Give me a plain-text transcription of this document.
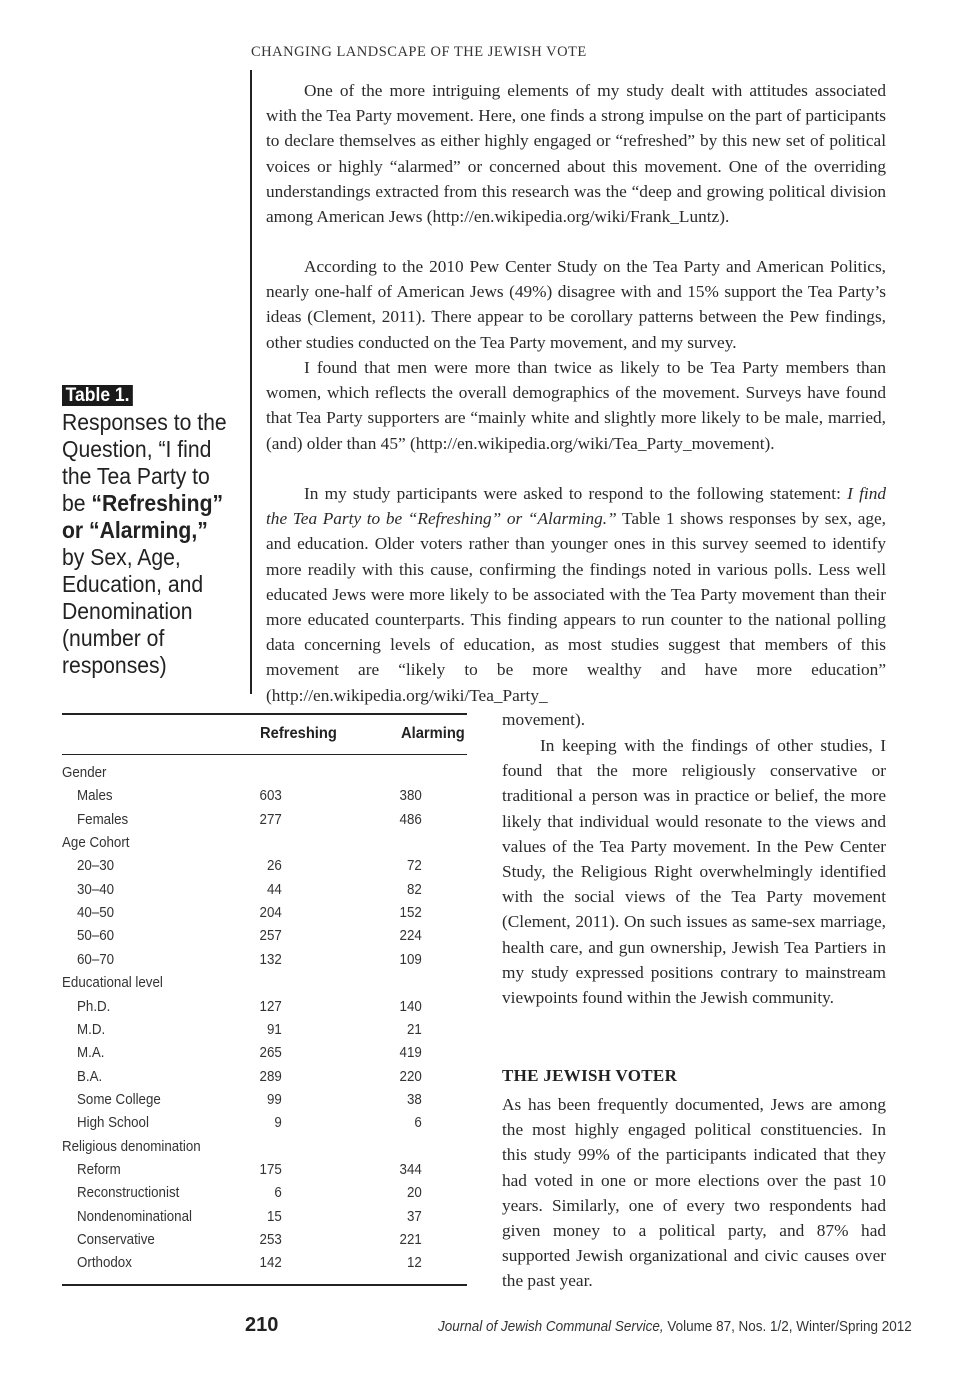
CHANGING LANDSCAPE OF THE JEWISH VOTE

One of the more intriguing elements of my study dealt with attitudes associated with the Tea Party movement. Here, one finds a strong impulse on the part of participants to declare themselves as either highly engaged or “refreshed” by this new set of political voices or highly “alarmed” or concerned about this movement. One of the overriding understandings extracted from this research was the “deep and growing political division among American Jews (http://en.wikipedia.org/wiki/Frank_Luntz).

According to the 2010 Pew Center Study on the Tea Party and American Politics, nearly one-half of American Jews (49%) disagree with and 15% support the Tea Party’s ideas (Clement, 2011). There appear to be corollary patterns between the Pew findings, other studies conducted on the Tea Party movement, and my survey.

I found that men were more than twice as likely to be Tea Party members than women, which reflects the overall demographics of the movement. Surveys have found that Tea Party supporters are “mainly white and slightly more likely to be male, married, (and) older than 45” (http://en.wikipedia.org/wiki/Tea_Party_movement).

In my study participants were asked to respond to the following statement: I find the Tea Party to be “Refreshing” or “Alarming.” Table 1 shows responses by sex, age, and education. Older voters rather than younger ones in this survey seemed to identify more readily with this cause, confirming the findings noted in various polls. Less well educated Jews were more likely to be associated with the Tea Party movement than their more educated counterparts. This finding appears to run counter to the national polling data concerning levels of education, as most studies suggest that members of this movement are “likely to be more wealthy and have more education” (http://en.wikipedia.org/wiki/Tea_Party_

movement).

In keeping with the findings of other studies, I found that the more religiously conservative or traditional a person was in practice or belief, the more likely that individual would resonate to the views and values of the Tea Party movement. In the Pew Center Study, the Religious Right overwhelmingly identified with the social views of the Tea Party movement (Clement, 2011). On such issues as same-sex marriage, health care, and gun ownership, Jewish Tea Partiers in my study expressed positions contrary to mainstream viewpoints found within the Jewish community.

THE JEWISH VOTER

As has been frequently documented, Jews are among the most highly engaged political constituencies. In this study 99% of the participants indicated that they had voted in one or more elections over the past 10 years. Similarly, one of every two respondents had given money to a political party, and 87% had supported Jewish organizational and civic causes over the past year.

Table 1.
Responses to the Question, “I find the Tea Party to be “Refreshing” or “Alarming,” by Sex, Age, Education, and Denomination (number of responses)
Refreshing	Alarming
Gender
Males	603	380
Females	277	486
Age Cohort
20–30	26	72
30–40	44	82
40–50	204	152
50–60	257	224
60–70	132	109
Educational level
Ph.D.	127	140
M.D.	91	21
M.A.	265	419
B.A.	289	220
Some College	99	38
High School	9	6
Religious denomination
Reform	175	344
Reconstructionist	6	20
Nondenominational	15	37
Conservative	253	221
Orthodox	142	12
210	Journal of Jewish Communal Service, Volume 87, Nos. 1/2, Winter/Spring 2012
